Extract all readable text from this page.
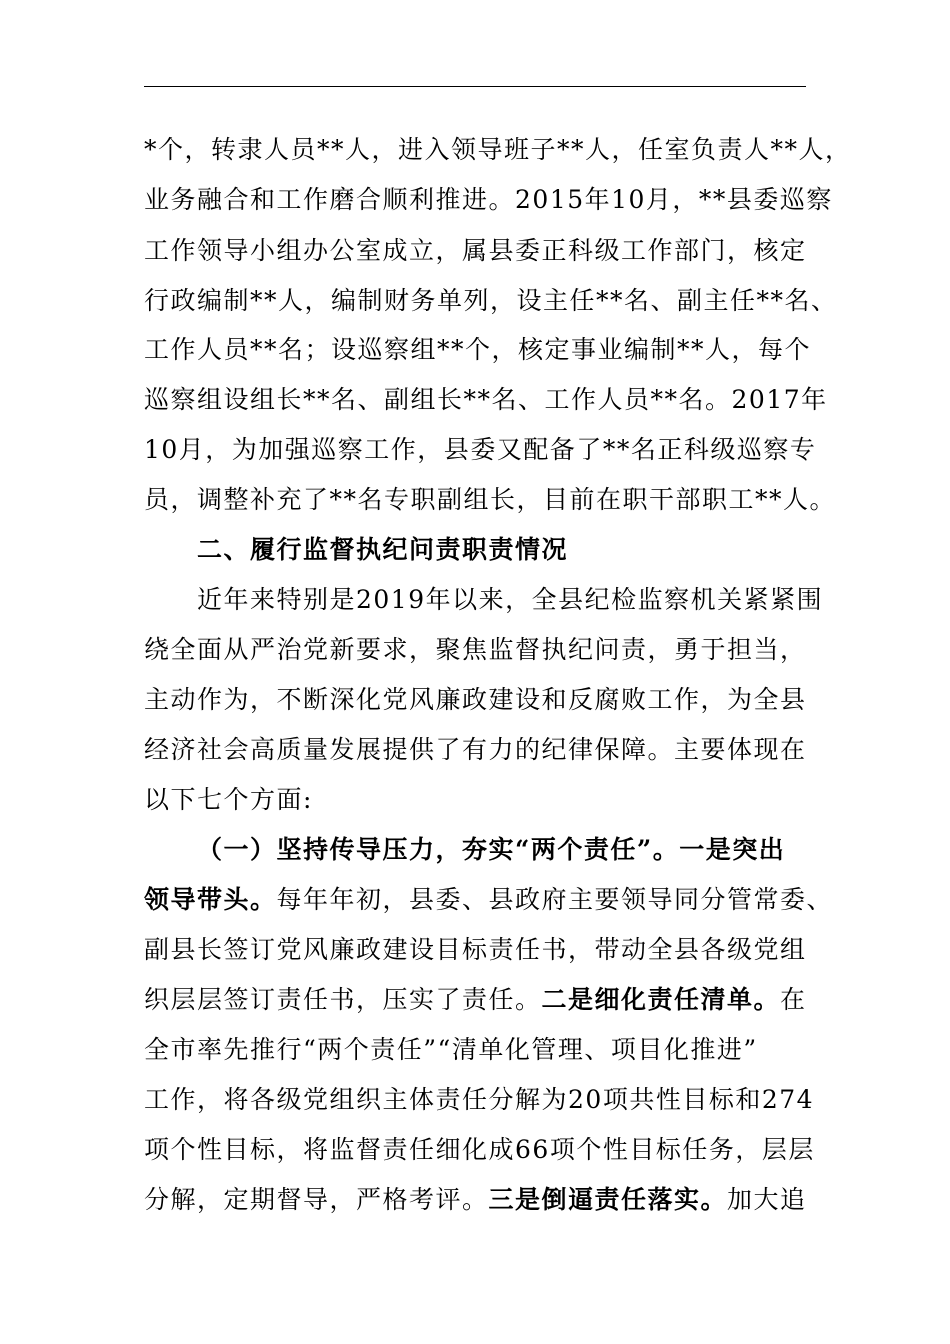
*个，转隶人员**人，进入领导班子**人，任室负责人**人，
业务融合和工作磨合顺利推进。2015年10月，**县委巡察
工作领导小组办公室成立，属县委正科级工作部门，核定
行政编制**人，编制财务单列，设主任**名、副主任**名、
工作人员**名；设巡察组**个，核定事业编制**人，每个
巡察组设组长**名、副组长**名、工作人员**名。2017年
10月，为加强巡察工作，县委又配备了**名正科级巡察专
员，调整补充了**名专职副组长，目前在职干部职工**人。
二、履行监督执纪问责职责情况
近年来特别是2019年以来，全县纪检监察机关紧紧围
绕全面从严治党新要求，聚焦监督执纪问责，勇于担当，
主动作为，不断深化党风廉政建设和反腐败工作，为全县
经济社会高质量发展提供了有力的纪律保障。主要体现在
以下七个方面:
（一）坚持传导压力，夯实“两个责任”。一是突出
领导带头。每年年初，县委、县政府主要领导同分管常委、
副县长签订党风廉政建设目标责任书，带动全县各级党组
织层层签订责任书，压实了责任。二是细化责任清单。在
全市率先推行“两个责任”“清单化管理、项目化推进”
工作，将各级党组织主体责任分解为20项共性目标和274
项个性目标，将监督责任细化成66项个性目标任务，层层
分解，定期督导，严格考评。三是倒逼责任落实。加大追
